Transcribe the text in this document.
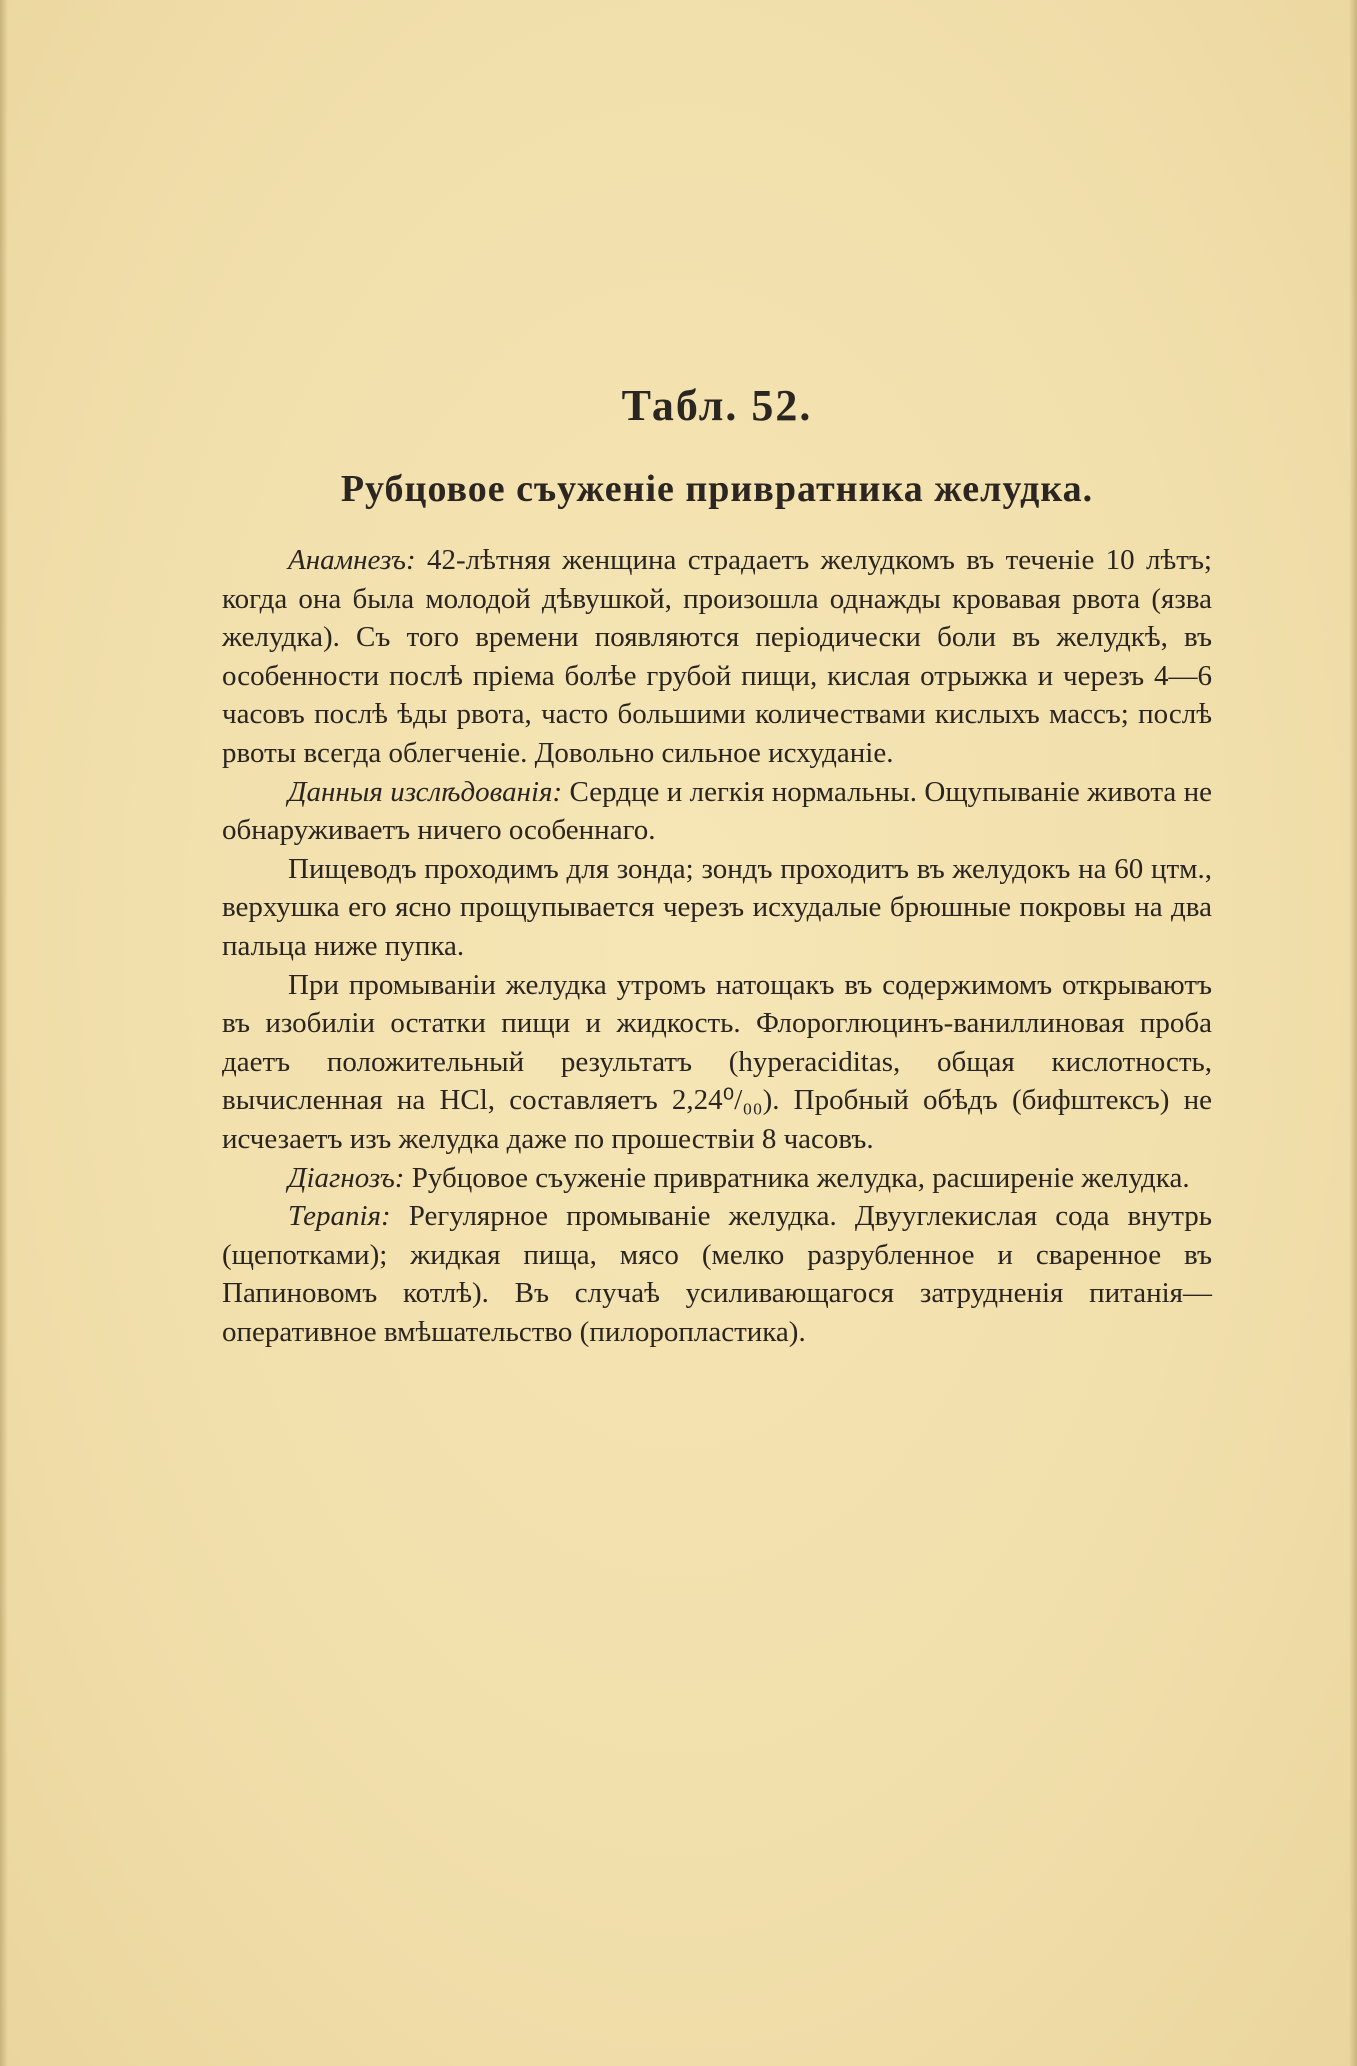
Табл. 52.
Рубцовое съуженіе привратника желудка.

Анамнезъ: 42-лѣтняя женщина страдаетъ желудкомъ въ теченіе 10 лѣтъ; когда она была молодой дѣвушкой, произошла однажды кровавая рвота (язва желудка). Съ того времени появляются періодически боли въ желудкѣ, въ особенности послѣ пріема болѣе грубой пищи, кислая отрыжка и черезъ 4—6 часовъ послѣ ѣды рвота, часто большими количествами кислыхъ массъ; послѣ рвоты всегда облегченіе. Довольно сильное исхуданіе.

Данныя изслѣдованія: Сердце и легкія нормальны. Ощупываніе живота не обнаруживаетъ ничего особеннаго.

Пищеводъ проходимъ для зонда; зондъ проходитъ въ желудокъ на 60 цтм., верхушка его ясно прощупывается черезъ исхудалые брюшные покровы на два пальца ниже пупка.

При промываніи желудка утромъ натощакъ въ содержимомъ открываютъ въ изобиліи остатки пищи и жидкость. Флороглюцинъ-ваниллиновая проба даетъ положительный результатъ (hyperaciditas, общая кислотность, вычисленная на HCl, составляетъ 2,24⁰/₀₀). Пробный обѣдъ (бифштексъ) не исчезаетъ изъ желудка даже по прошествіи 8 часовъ.

Діагнозъ: Рубцовое съуженіе привратника желудка, расширеніе желудка.

Терапія: Регулярное промываніе желудка. Двууглекислая сода внутрь (щепотками); жидкая пища, мясо (мелко разрубленное и сваренное въ Папиновомъ котлѣ). Въ случаѣ усиливающагося затрудненія питанія—оперативное вмѣшательство (пилоропластика).
